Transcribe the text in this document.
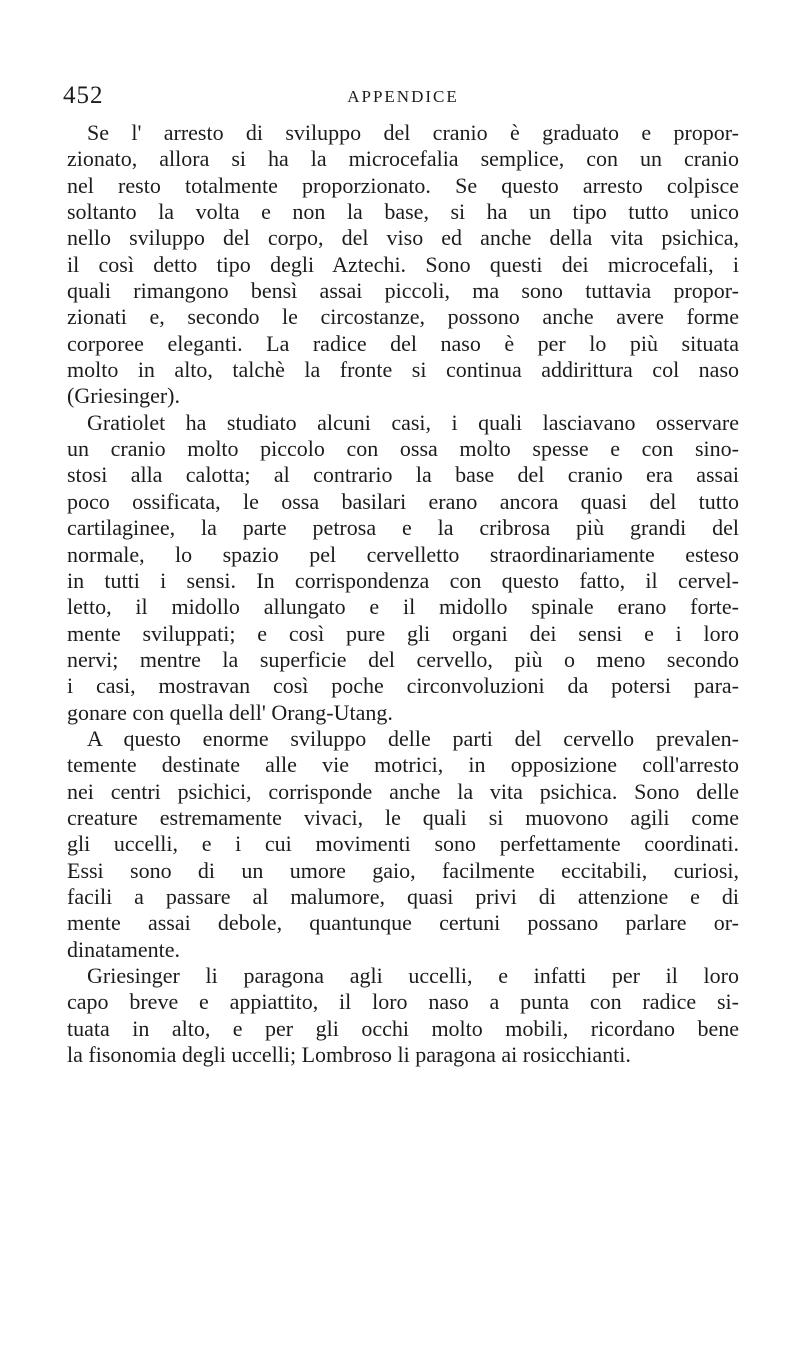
452	APPENDICE
Se l' arresto di sviluppo del cranio è graduato e propor-
zionato, allora si ha la microcefalia semplice, con un cranio
nel resto totalmente proporzionato. Se questo arresto colpisce
soltanto la volta e non la base, si ha un tipo tutto unico
nello sviluppo del corpo, del viso ed anche della vita psichica,
il così detto tipo degli Aztechi. Sono questi dei microcefali, i
quali rimangono bensì assai piccoli, ma sono tuttavia propor-
zionati e, secondo le circostanze, possono anche avere forme
corporee eleganti. La radice del naso è per lo più situata
molto in alto, talchè la fronte si continua addirittura col naso
(Griesinger).
Gratiolet ha studiato alcuni casi, i quali lasciavano osservare
un cranio molto piccolo con ossa molto spesse e con sino-
stosi alla calotta; al contrario la base del cranio era assai
poco ossificata, le ossa basilari erano ancora quasi del tutto
cartilaginee, la parte petrosa e la cribrosa più grandi del
normale, lo spazio pel cervelletto straordinariamente esteso
in tutti i sensi. In corrispondenza con questo fatto, il cervel-
letto, il midollo allungato e il midollo spinale erano forte-
mente sviluppati; e così pure gli organi dei sensi e i loro
nervi; mentre la superficie del cervello, più o meno secondo
i casi, mostravan così poche circonvoluzioni da potersi para-
gonare con quella dell' Orang-Utang.
A questo enorme sviluppo delle parti del cervello prevalen-
temente destinate alle vie motrici, in opposizione coll'arresto
nei centri psichici, corrisponde anche la vita psichica. Sono delle
creature estremamente vivaci, le quali si muovono agili come
gli uccelli, e i cui movimenti sono perfettamente coordinati.
Essi sono di un umore gaio, facilmente eccitabili, curiosi,
facili a passare al malumore, quasi privi di attenzione e di
mente assai debole, quantunque certuni possano parlare or-
dinatamente.
Griesinger li paragona agli uccelli, e infatti per il loro
capo breve e appiattito, il loro naso a punta con radice si-
tuata in alto, e per gli occhi molto mobili, ricordano bene
la fisonomia degli uccelli; Lombroso li paragona ai rosicchianti.
